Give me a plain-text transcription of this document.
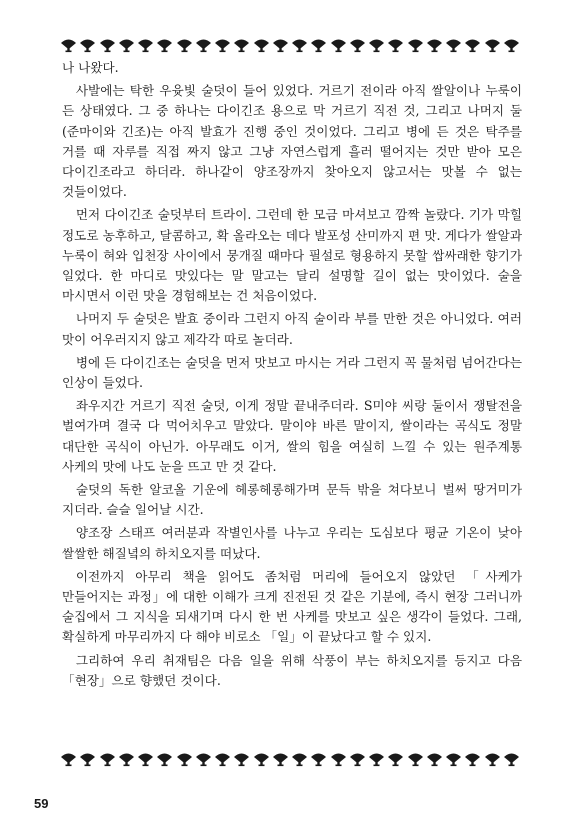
나 나왔다.

사발에는 탁한 우윳빛 술덧이 들어 있었다. 거르기 전이라 아직 쌀알이나 누룩이 든 상태였다. 그 중 하나는 다이긴조 용으로 막 거르기 직전 것, 그리고 나머지 둘(준마이와 긴조)는 아직 발효가 진행 중인 것이었다. 그리고 병에 든 것은 탁주를 거를 때 자루를 직접 짜지 않고 그냥 자연스럽게 흘러 떨어지는 것만 받아 모은 다이긴조라고 하더라. 하나같이 양조장까지 찾아오지 않고서는 맛볼 수 없는 것들이었다.

먼저 다이긴조 술덧부터 트라이. 그런데 한 모금 마셔보고 깜짝 놀랐다. 기가 막힐 정도로 농후하고, 달콤하고, 확 올라오는 데다 발포성 산미까지 편 맛. 게다가 쌀알과 누룩이 혀와 입천장 사이에서 뭉개질 때마다 필설로 형용하지 못할 쌉싸래한 향기가 일었다. 한 마디로 맛있다는 말 말고는 달리 설명할 길이 없는 맛이었다. 술을 마시면서 이런 맛을 경험해보는 건 처음이었다.

나머지 두 술덧은 발효 중이라 그런지 아직 술이라 부를 만한 것은 아니었다. 여러 맛이 어우러지지 않고 제각각 따로 놀더라.

병에 든 다이긴조는 술덧을 먼저 맛보고 마시는 거라 그런지 꼭 물처럼 넘어간다는 인상이 들었다.

좌우지간 거르기 직전 술덧, 이게 정말 끝내주더라. S미야 씨랑 둘이서 쟁탈전을 벌여가며 결국 다 먹어치우고 말았다. 말이야 바른 말이지, 쌀이라는 곡식도 정말 대단한 곡식이 아닌가. 아무래도 이거, 쌀의 힘을 여실히 느낄 수 있는 원주계통 사케의 맛에 나도 눈을 뜨고 만 것 같다.

술덧의 독한 알코올 기운에 헤롱헤롱해가며 문득 밖을 쳐다보니 벌써 땅거미가 지더라. 슬슬 일어날 시간.

양조장 스태프 여러분과 작별인사를 나누고 우리는 도심보다 평균 기온이 낮아 쌀쌀한 해질녘의 하치오지를 떠났다.

이전까지 아무리 책을 읽어도 좀처럼 머리에 들어오지 않았던 「사케가 만들어지는 과정」에 대한 이해가 크게 진전된 것 같은 기분에, 즉시 현장 그러니까 술집에서 그 지식을 되새기며 다시 한 번 사케를 맛보고 싶은 생각이 들었다. 그래, 확실하게 마무리까지 다 해야 비로소 「일」이 끝났다고 할 수 있지.

그리하여 우리 취재팀은 다음 일을 위해 삭풍이 부는 하치오지를 등지고 다음 「현장」으로 향했던 것이다.

59
